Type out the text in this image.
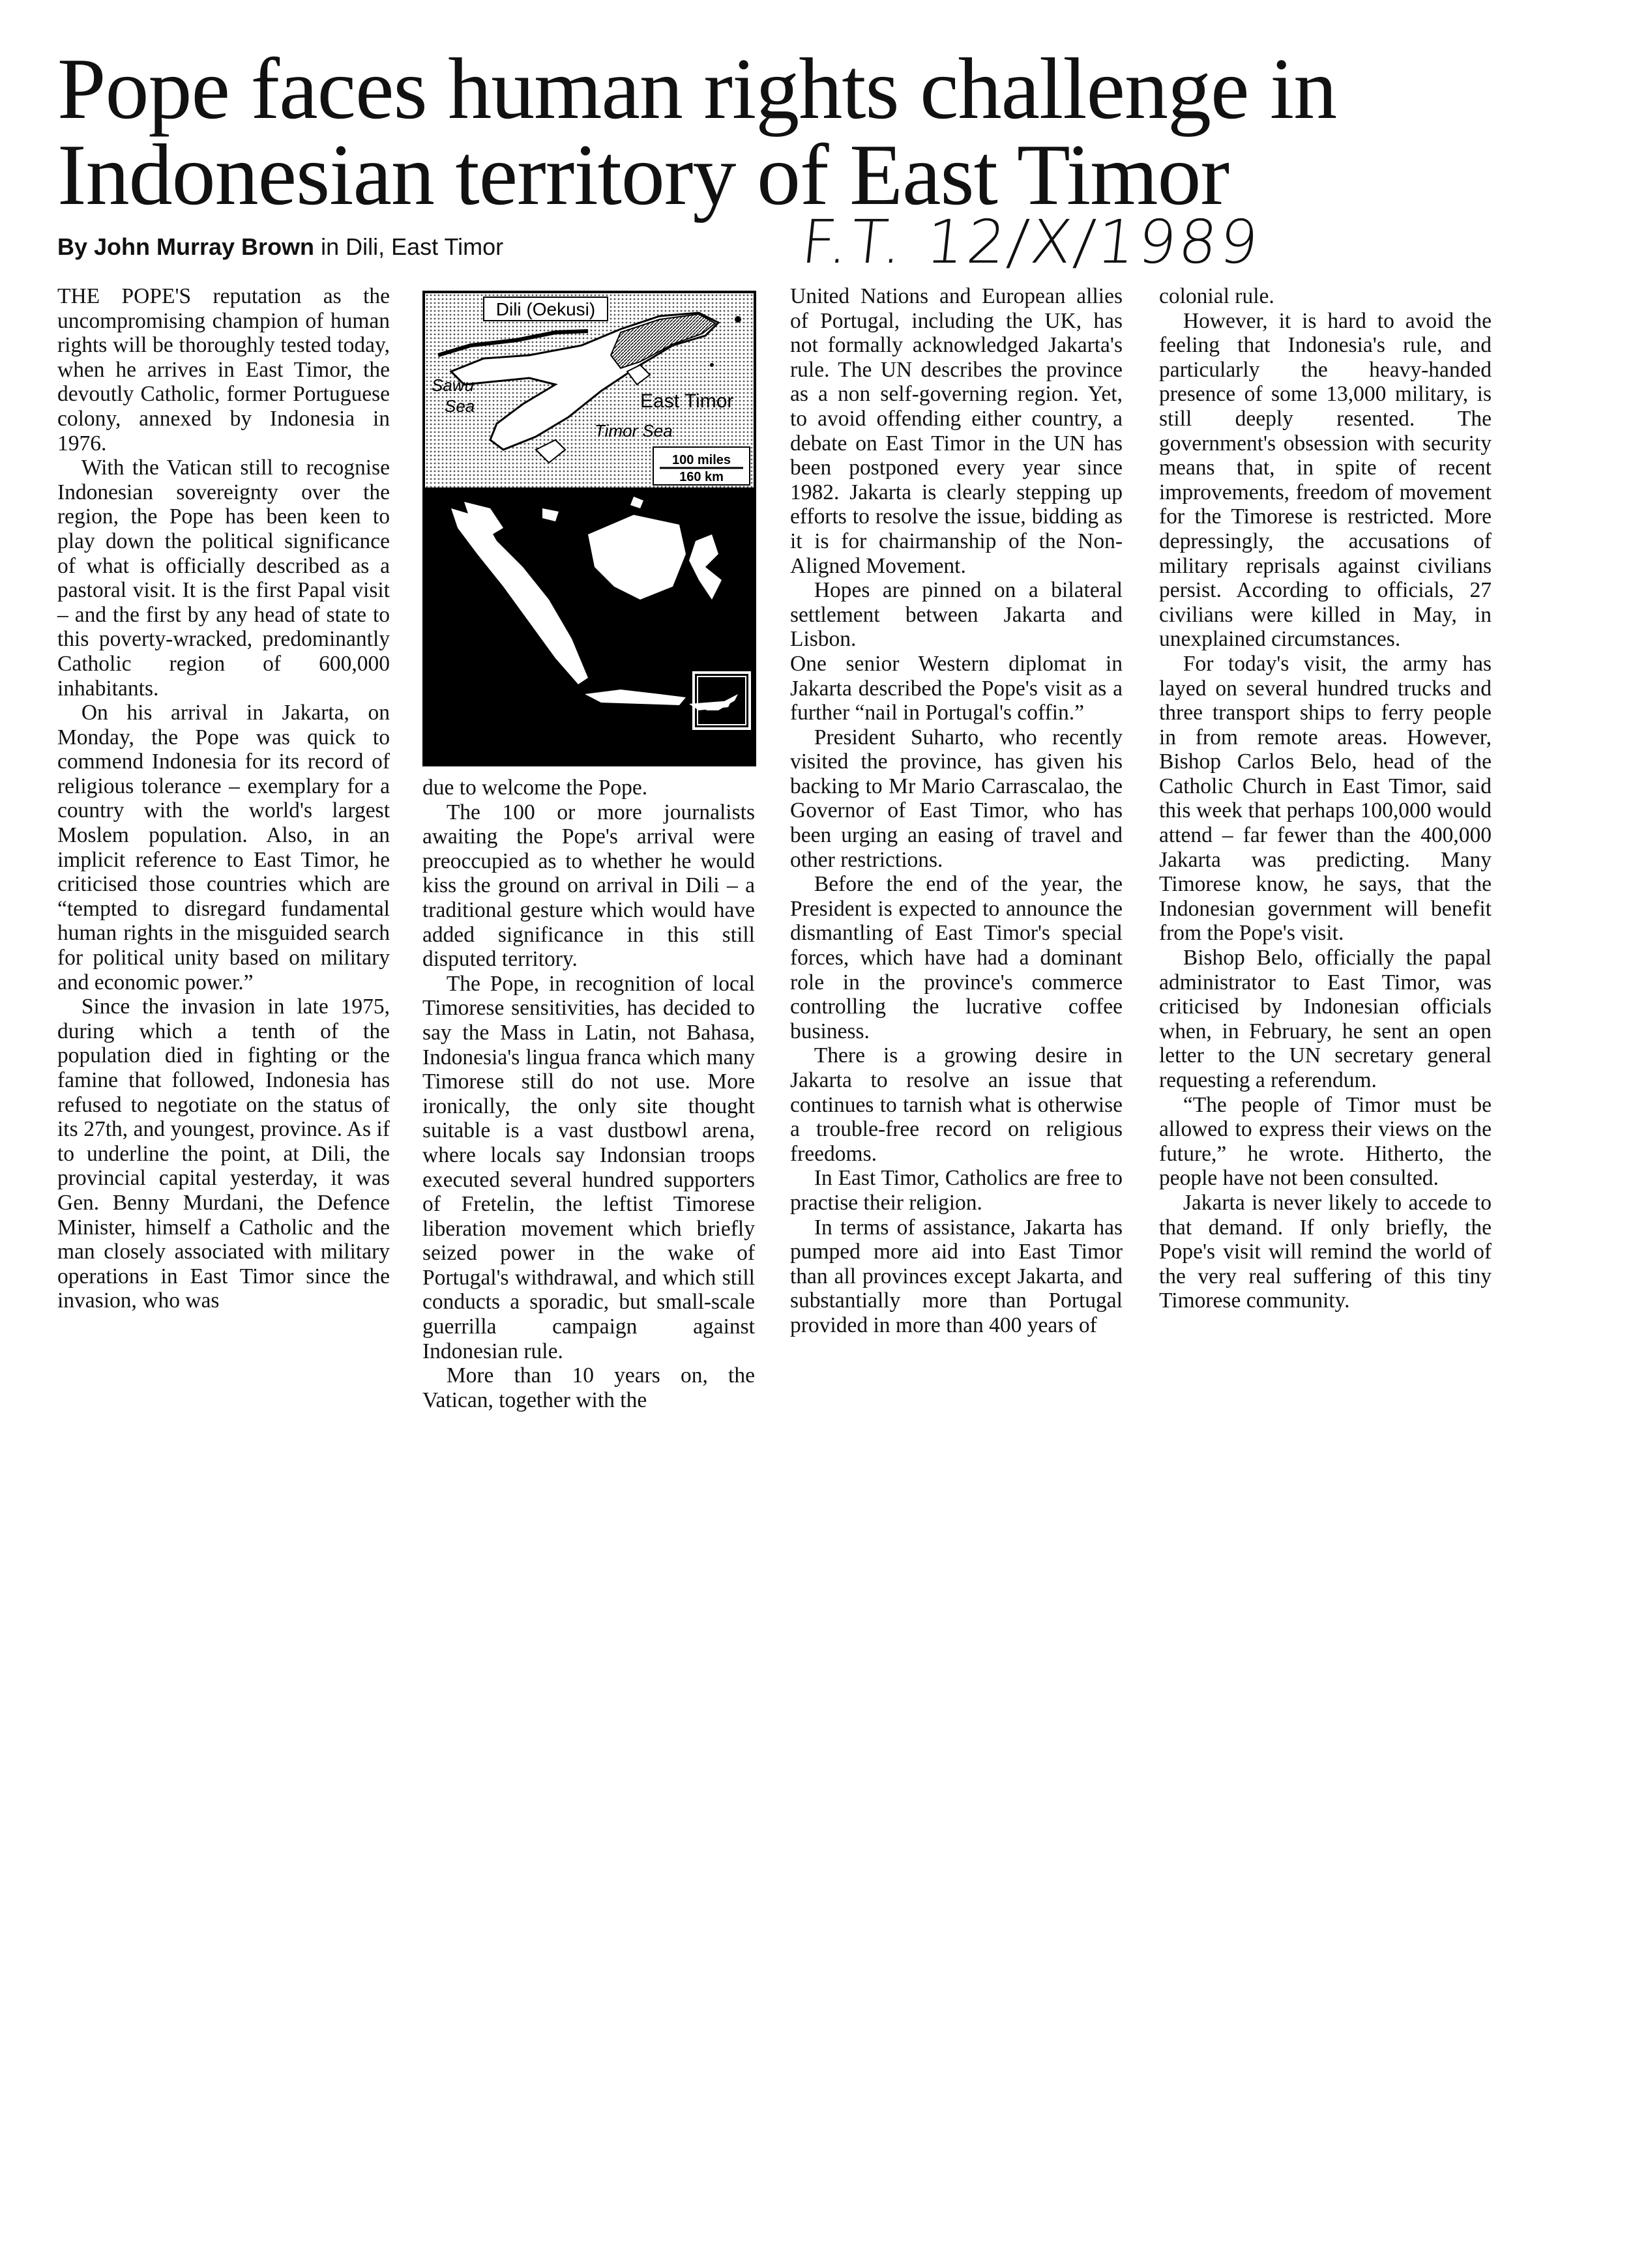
Pope faces human rights challenge in Indonesian territory of East Timor
By John Murray Brown in Dili, East Timor	F.T. 12/X/1989
Dili (Oekusi)
Sawu
Sea	East Timor
Timor Sea
100 miles
160 km

THE POPE'S reputation as the uncompromising champion of human rights will be thoroughly tested today, when he arrives in East Timor, the devoutly Catholic, former Portuguese colony, annexed by Indonesia in 1976.

With the Vatican still to recognise Indonesian sovereignty over the region, the Pope has been keen to play down the political significance of what is officially described as a pastoral visit. It is the first Papal visit – and the first by any head of state to this poverty-wracked, predominantly Catholic region of 600,000 inhabitants.

On his arrival in Jakarta, on Monday, the Pope was quick to commend Indonesia for its record of religious tolerance – exemplary for a country with the world's largest Moslem population. Also, in an implicit reference to East Timor, he criticised those countries which are “tempted to disregard fundamental human rights in the misguided search for political unity based on military and economic power.”

Since the invasion in late 1975, during which a tenth of the population died in fighting or the famine that followed, Indonesia has refused to negotiate on the status of its 27th, and youngest, province. As if to underline the point, at Dili, the provincial capital yesterday, it was Gen. Benny Murdani, the Defence Minister, himself a Catholic and the man closely associated with military operations in East Timor since the invasion, who was

due to welcome the Pope.

The 100 or more journalists awaiting the Pope's arrival were preoccupied as to whether he would kiss the ground on arrival in Dili – a traditional gesture which would have added significance in this still disputed territory.

The Pope, in recognition of local Timorese sensitivities, has decided to say the Mass in Latin, not Bahasa, Indonesia's lingua franca which many Timorese still do not use. More ironically, the only site thought suitable is a vast dustbowl arena, where locals say Indonsian troops executed several hundred supporters of Fretelin, the leftist Timorese liberation movement which briefly seized power in the wake of Portugal's withdrawal, and which still conducts a sporadic, but small-scale guerrilla campaign against Indonesian rule.

More than 10 years on, the Vatican, together with the

United Nations and European allies of Portugal, including the UK, has not formally acknowledged Jakarta's rule. The UN describes the province as a non self-governing region. Yet, to avoid offending either country, a debate on East Timor in the UN has been postponed every year since 1982. Jakarta is clearly stepping up efforts to resolve the issue, bidding as it is for chairmanship of the Non-Aligned Movement.

Hopes are pinned on a bilateral settlement between Jakarta and Lisbon.

One senior Western diplomat in Jakarta described the Pope's visit as a further “nail in Portugal's coffin.”

President Suharto, who recently visited the province, has given his backing to Mr Mario Carrascalao, the Governor of East Timor, who has been urging an easing of travel and other restrictions.

Before the end of the year, the President is expected to announce the dismantling of East Timor's special forces, which have had a dominant role in the province's commerce controlling the lucrative coffee business.

There is a growing desire in Jakarta to resolve an issue that continues to tarnish what is otherwise a trouble-free record on religious freedoms.

In East Timor, Catholics are free to practise their religion.

In terms of assistance, Jakarta has pumped more aid into East Timor than all provinces except Jakarta, and substantially more than Portugal provided in more than 400 years of

colonial rule.

However, it is hard to avoid the feeling that Indonesia's rule, and particularly the heavy-handed presence of some 13,000 military, is still deeply resented. The government's obsession with security means that, in spite of recent improvements, freedom of movement for the Timorese is restricted. More depressingly, the accusations of military reprisals against civilians persist. According to officials, 27 civilians were killed in May, in unexplained circumstances.

For today's visit, the army has layed on several hundred trucks and three transport ships to ferry people in from remote areas. However, Bishop Carlos Belo, head of the Catholic Church in East Timor, said this week that perhaps 100,000 would attend – far fewer than the 400,000 Jakarta was predicting. Many Timorese know, he says, that the Indonesian government will benefit from the Pope's visit.

Bishop Belo, officially the papal administrator to East Timor, was criticised by Indonesian officials when, in February, he sent an open letter to the UN secretary general requesting a referendum.

“The people of Timor must be allowed to express their views on the future,” he wrote. Hitherto, the people have not been consulted.

Jakarta is never likely to accede to that demand. If only briefly, the Pope's visit will remind the world of the very real suffering of this tiny Timorese community.
